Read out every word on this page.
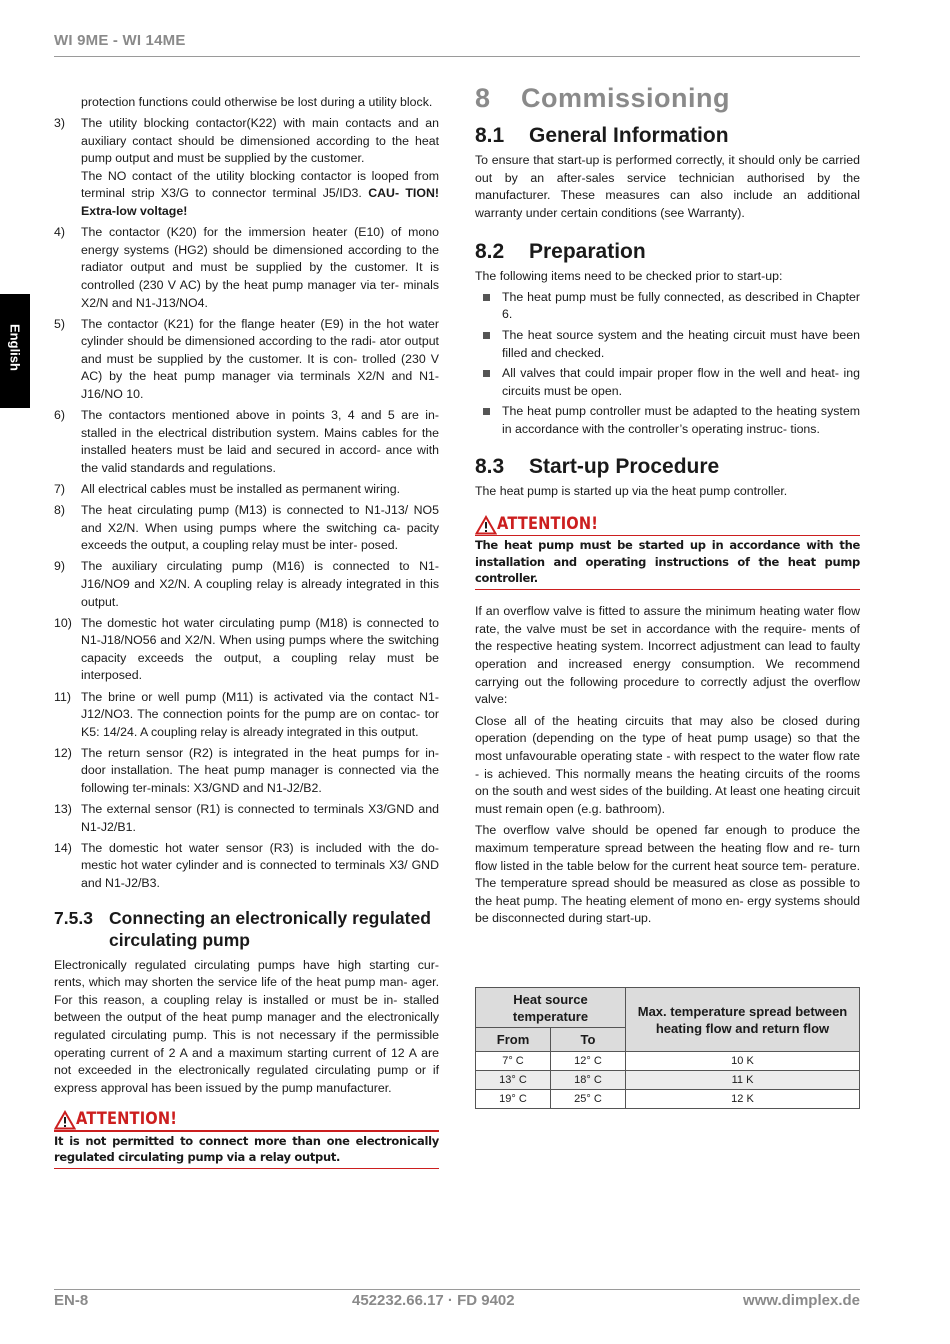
WI 9ME - WI 14ME
English
protection functions could otherwise be lost during a utility block.
3)	The utility blocking contactor(K22) with main contacts and an auxiliary contact should be dimensioned according to the heat pump output and must be supplied by the customer.
The NO contact of the utility blocking contactor is looped from terminal strip X3/G to connector terminal J5/ID3. CAU- TION! Extra-low voltage!
4)	The contactor (K20) for the immersion heater (E10) of mono energy systems (HG2) should be dimensioned according to the radiator output and must be supplied by the customer. It is controlled (230 V AC) by the heat pump manager via ter- minals X2/N and N1-J13/NO4.
5)	The contactor (K21) for the flange heater (E9) in the hot water cylinder should be dimensioned according to the radi- ator output and must be supplied by the customer. It is con- trolled (230 V AC) by the heat pump manager via terminals X2/N and N1-J16/NO 10.
6)	The contactors mentioned above in points 3, 4 and 5 are in- stalled in the electrical distribution system. Mains cables for the installed heaters must be laid and secured in accord- ance with the valid standards and regulations.
7)	All electrical cables must be installed as permanent wiring.
8)	The heat circulating pump (M13) is connected to N1-J13/ NO5 and X2/N. When using pumps where the switching ca- pacity exceeds the output, a coupling relay must be inter- posed.
9)	The auxiliary circulating pump (M16) is connected to N1- J16/NO9 and X2/N. A coupling relay is already integrated in this output.
10) The domestic hot water circulating pump (M18) is connected to N1-J18/NO56 and X2/N. When using pumps where the switching capacity exceeds the output, a coupling relay must be interposed.
11) The brine or well pump (M11) is activated via the contact N1- J12/NO3. The connection points for the pump are on contac- tor K5: 14/24. A coupling relay is already integrated in this output.
12) The return sensor (R2) is integrated in the heat pumps for in- door installation. The heat pump manager is connected via the following ter-minals: X3/GND and N1-J2/B2.
13) The external sensor (R1) is connected to terminals X3/GND and N1-J2/B1.
14) The domestic hot water sensor (R3) is included with the do- mestic hot water cylinder and is connected to terminals X3/ GND and N1-J2/B3.
7.5.3 Connecting an electronically regulated circulating pump

Electronically regulated circulating pumps have high starting cur- rents, which may shorten the service life of the heat pump man- ager. For this reason, a coupling relay is installed or must be in- stalled between the output of the heat pump manager and the electronically regulated circulating pump. This is not necessary if the permissible operating current of 2 A and a maximum starting current of 12 A are not exceeded in the electronically regulated circulating pump or if express approval has been issued by the pump manufacturer.

ATTENTION!
It is not permitted to connect more than one electronically regulated circulating pump via a relay output.
8 Commissioning
8.1 General Information

To ensure that start-up is performed correctly, it should only be carried out by an after-sales service technician authorised by the manufacturer. These measures can also include an additional warranty under certain conditions (see Warranty).

8.2 Preparation

The following items need to be checked prior to start-up:

The heat pump must be fully connected, as described in Chapter 6.
The heat source system and the heating circuit must have been filled and checked.
All valves that could impair proper flow in the well and heat- ing circuits must be open.
The heat pump controller must be adapted to the heating system in accordance with the controller’s operating instruc- tions.
8.3 Start-up Procedure

The heat pump is started up via the heat pump controller.

ATTENTION!
The heat pump must be started up in accordance with the installation and operating instructions of the heat pump controller.

If an overflow valve is fitted to assure the minimum heating water flow rate, the valve must be set in accordance with the require- ments of the respective heating system. Incorrect adjustment can lead to faulty operation and increased energy consumption. We recommend carrying out the following procedure to correctly adjust the overflow valve:

Close all of the heating circuits that may also be closed during operation (depending on the type of heat pump usage) so that the most unfavourable operating state - with respect to the water flow rate - is achieved. This normally means the heating circuits of the rooms on the south and west sides of the building. At least one heating circuit must remain open (e.g. bathroom).

The overflow valve should be opened far enough to produce the maximum temperature spread between the heating flow and re- turn flow listed in the table below for the current heat source tem- perature. The temperature spread should be measured as close as possible to the heat pump. The heating element of mono en- ergy systems should be disconnected during start-up.

Heat source temperature		Max. temperature spread between heating flow and return flow
From	To	
7° C	12° C	10 K
13° C	18° C	11 K
19° C	25° C	12 K
EN-8	452232.66.17 · FD 9402	www.dimplex.de
